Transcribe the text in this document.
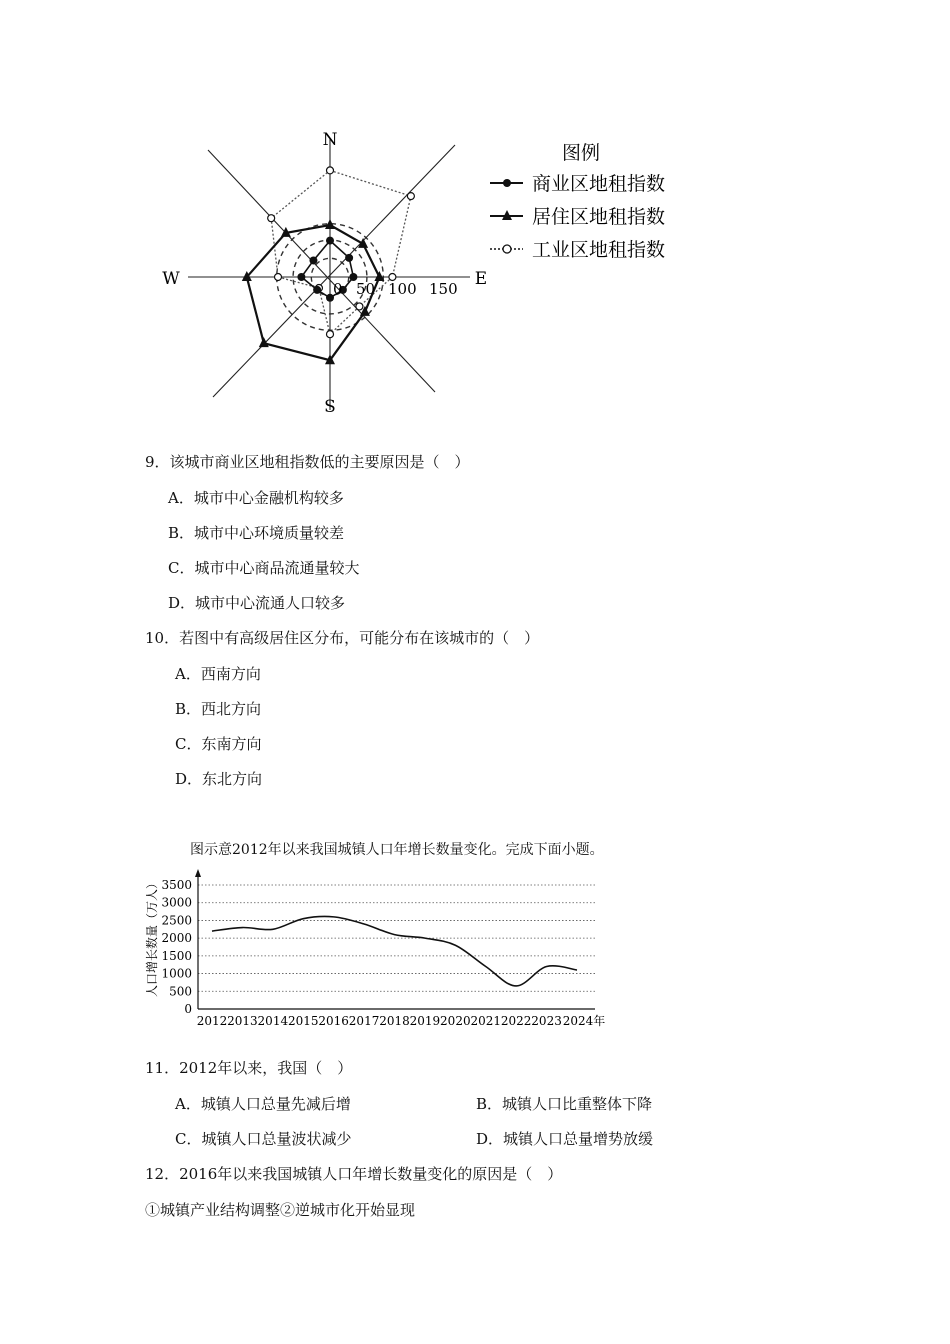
N
S
E
W	0 50 100 150
图例
商业区地租指数
居住区地租指数
工业区地租指数
9．该城市商业区地租指数低的主要原因是（　）
A．城市中心金融机构较多
B．城市中心环境质量较差
C．城市中心商品流通量较大
D．城市中心流通人口较多
10．若图中有高级居住区分布，可能分布在该城市的（　）
A．西南方向
B．西北方向
C．东南方向
D．东北方向
图示意2012年以来我国城镇人口年增长数量变化。完成下面小题。
人口增长数量（万人）
0
500
1000
1500
2000
2500
3000
3500
2012 2013 2014 2015 2016 2017 2018 2019 2020 2021 2022 2023 2024年
11．2012年以来，我国（　）
A．城镇人口总量先减后增	B．城镇人口比重整体下降
C．城镇人口总量波状减少	D．城镇人口总量增势放缓
12．2016年以来我国城镇人口年增长数量变化的原因是（　）
①城镇产业结构调整②逆城市化开始显现
